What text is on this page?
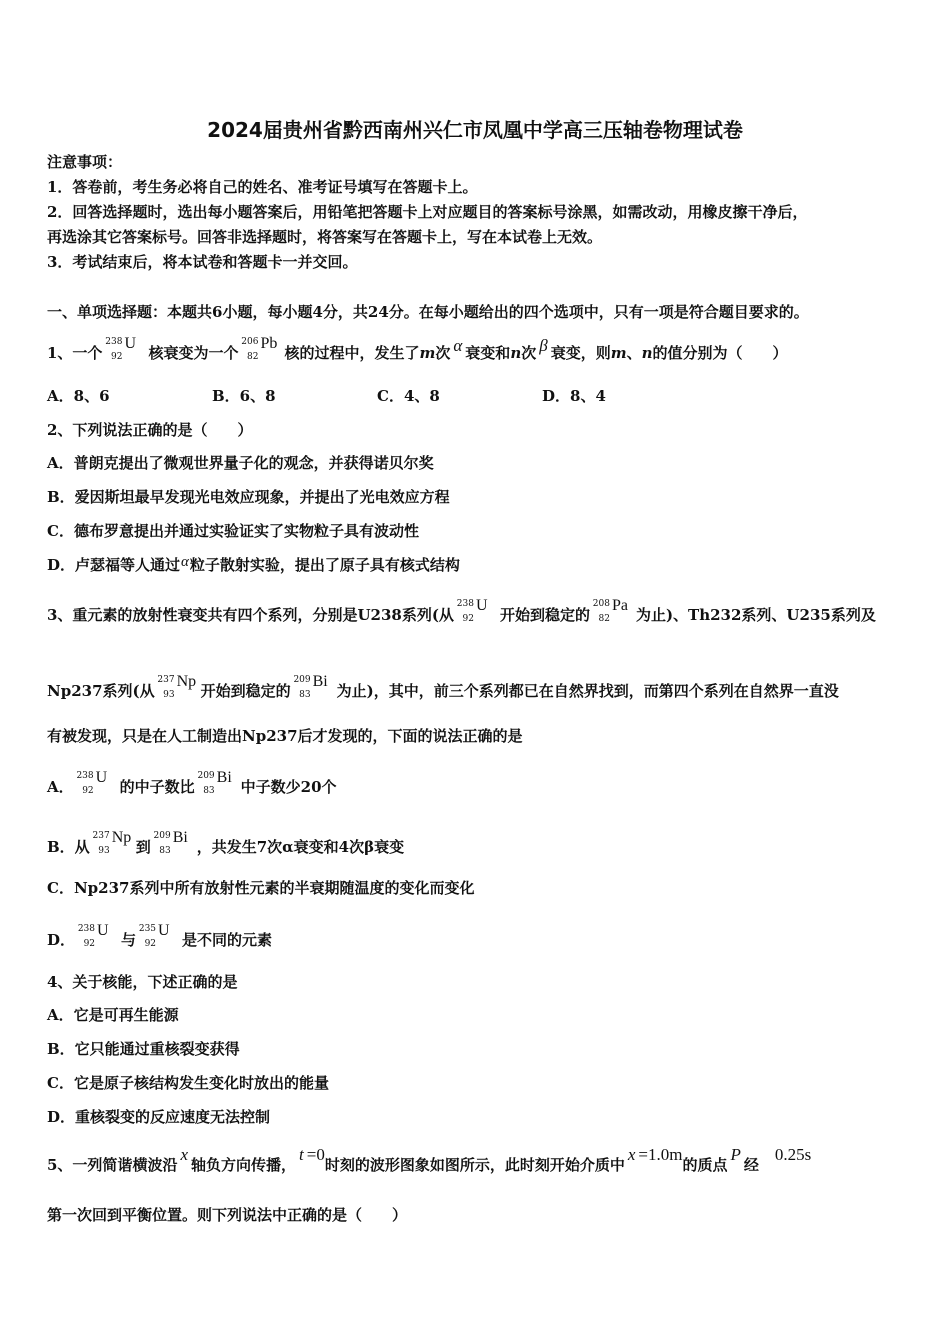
2024届贵州省黔西南州兴仁市凤凰中学高三压轴卷物理试卷
注意事项：
1．答卷前，考生务必将自己的姓名、准考证号填写在答题卡上。
2．回答选择题时，选出每小题答案后，用铅笔把答题卡上对应题目的答案标号涂黑，如需改动，用橡皮擦干净后，
再选涂其它答案标号。回答非选择题时，将答案写在答题卡上，写在本试卷上无效。
3．考试结束后，将本试卷和答题卡一并交回。
一、单项选择题：本题共6小题，每小题4分，共24分。在每小题给出的四个选项中，只有一项是符合题目要求的。
1、一个
238
92
U
核衰变为一个
206
82
Pb
核的过程中，发生了m次 α 衰变和n次 β 衰变，则m、n的值分别为（　　）
A．8、6	B．6、8	C．4、8	D．8、4
2、下列说法正确的是（　　）
A．普朗克提出了微观世界量子化的观念，并获得诺贝尔奖
B．爱因斯坦最早发现光电效应现象，并提出了光电效应方程
C．德布罗意提出并通过实验证实了实物粒子具有波动性
D．卢瑟福等人通过α粒子散射实验，提出了原子具有核式结构
3、重元素的放射性衰变共有四个系列，分别是U238系列(从
238
92
U
开始到稳定的
208
82
Pa
为止)、Th232系列、U235系列及
Np237系列(从
237
93
Np
开始到稳定的
209
83
Bi
为止)，其中，前三个系列都已在自然界找到，而第四个系列在自然界一直没
有被发现，只是在人工制造出Np237后才发现的，下面的说法正确的是
A．
238
92
U
的中子数比
209
83
Bi
中子数少20个
B．从
237
93
Np
到
209
83
Bi
，共发生7次α衰变和4次β衰变
C．Np237系列中所有放射性元素的半衰期随温度的变化而变化
D．
238
92
U
与
235
92
U
是不同的元素
4、关于核能，下述正确的是
A．它是可再生能源
B．它只能通过重核裂变获得
C．它是原子核结构发生变化时放出的能量
D．重核裂变的反应速度无法控制
5、一列简谐横波沿x轴负方向传播，t =0时刻的波形图象如图所示，此时刻开始介质中x =1.0m的质点P经0.25s
第一次回到平衡位置。则下列说法中正确的是（　　）
